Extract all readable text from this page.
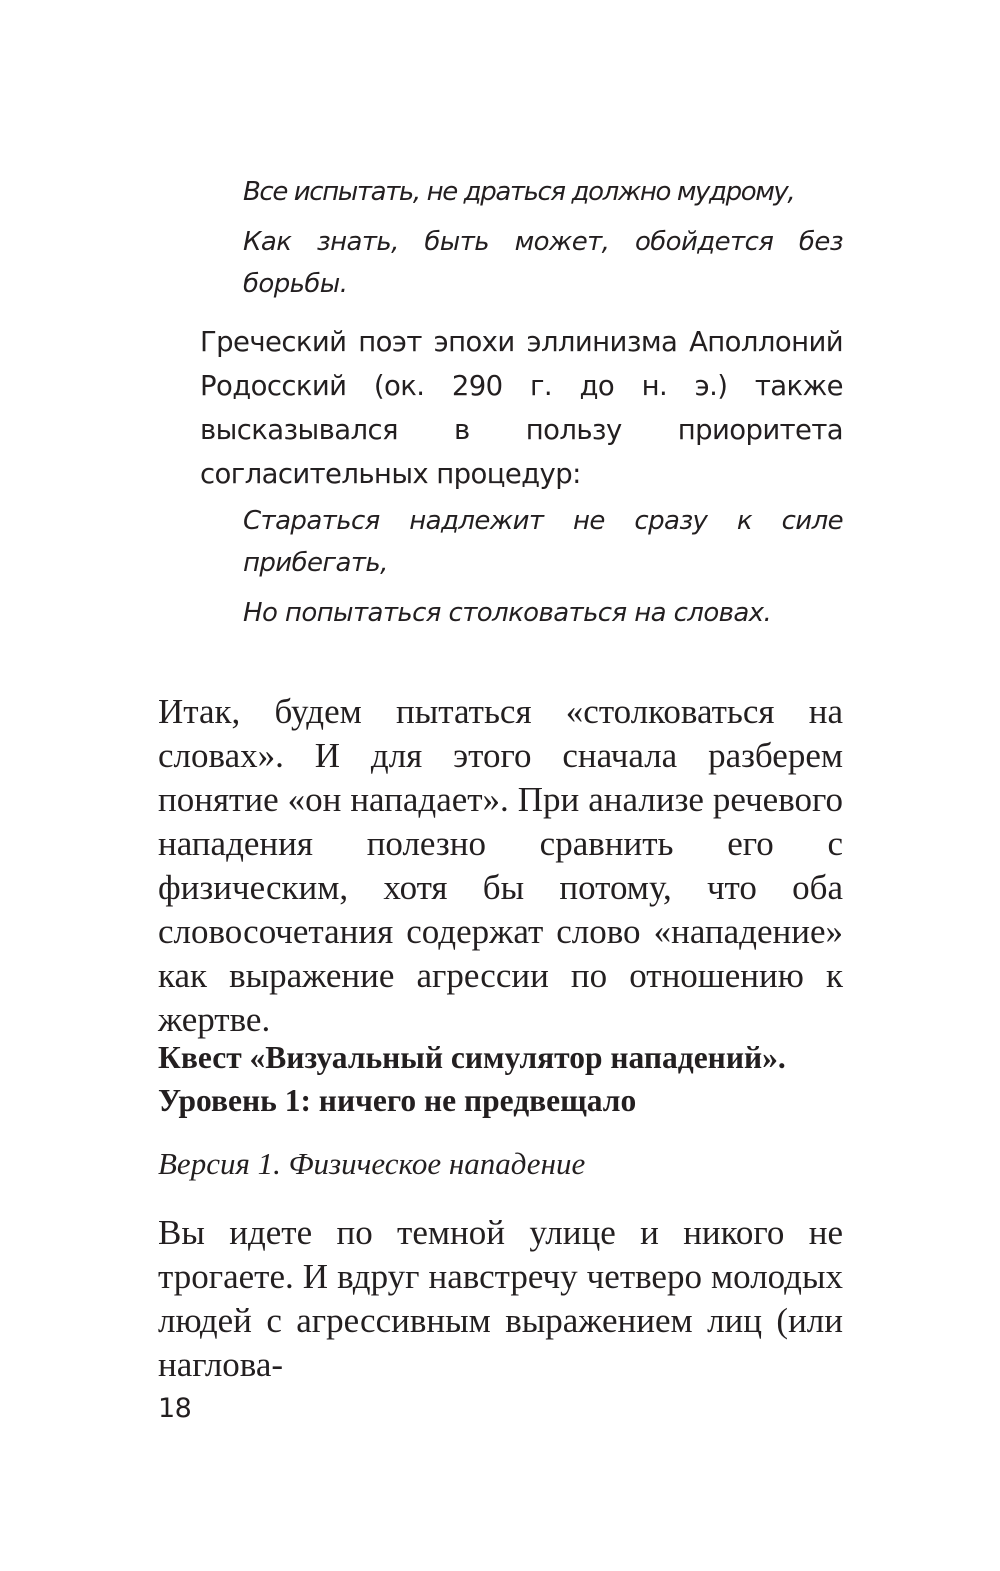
Все испытать, не драться должно мудрому,

Как знать, быть может, обойдется без
борьбы.

Греческий поэт эпохи эллинизма Аполлоний Родосский (ок. 290 г. до н. э.) также высказывался в пользу приоритета согласительных процедур:

Стараться надлежит не сразу к силе прибегать,

Но попытаться столковаться на словах.

Итак, будем пытаться «столковаться на словах». И для этого сначала разберем понятие «он нападает». При анализе речевого нападения полезно сравнить его с физическим, хотя бы потому, что оба словосочетания содержат слово «нападение» как выражение агрессии по отношению к жертве.

Квест «Визуальный симулятор нападений».
Уровень 1: ничего не предвещало

Версия 1. Физическое нападение

Вы идете по темной улице и никого не трогаете. И вдруг навстречу четверо молодых людей с агрессивным выражением лиц (или наглова-

18
